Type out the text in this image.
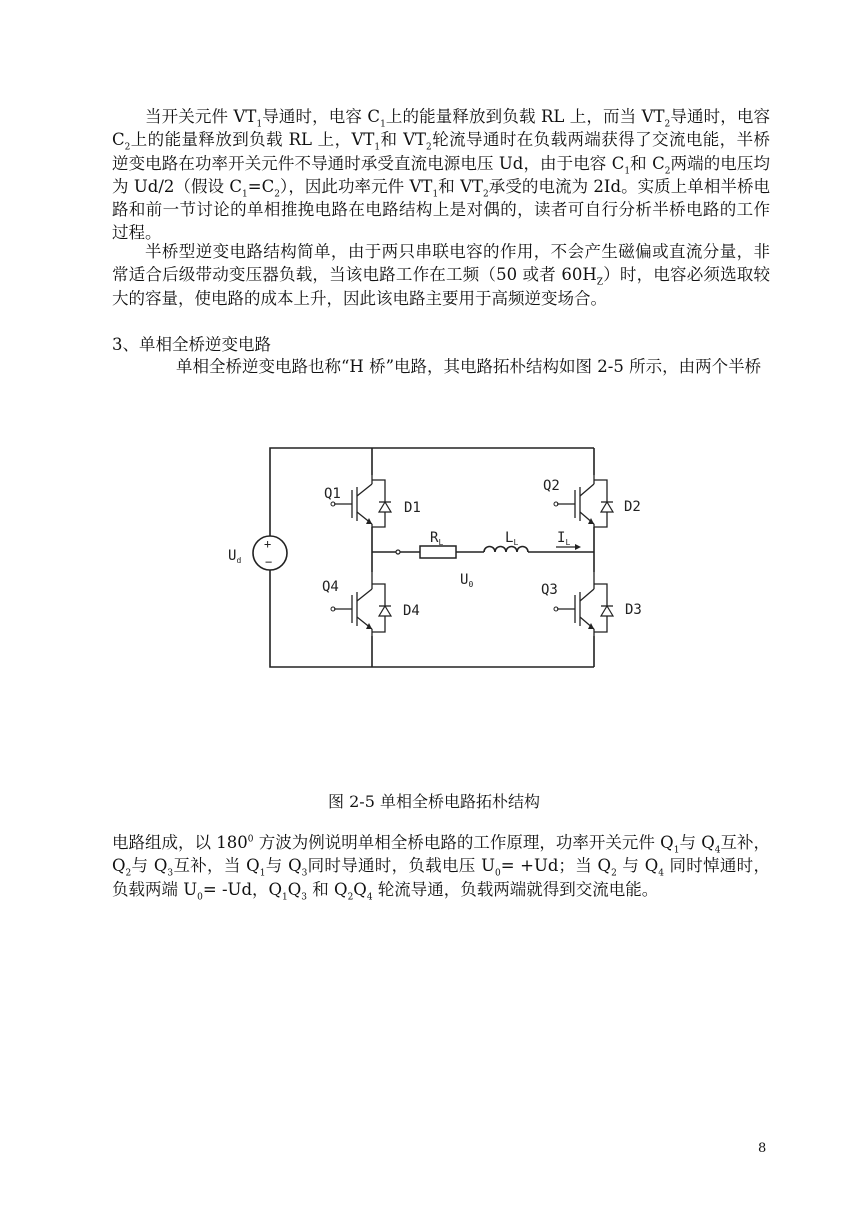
当开关元件 $VT_1$导通时，电容 $C_1$上的能量释放到负载 RL 上，而当 $VT_2$导通时，电容$C_2$上的能量释放到负载 RL 上，$VT_1$和 $VT_2$轮流导通时在负载两端获得了交流电能，半桥逆变电路在功率开关元件不导通时承受直流电源电压 Ud，由于电容 $C_1$和 $C_2$两端的电压均为 Ud/2（假设 $C_1=C_2$），因此功率元件 $VT_1$和 $VT_2$承受的电流为 2Id。实质上单相半桥电路和前一节讨论的单相推挽电路在电路结构上是对偶的，读者可自行分析半桥电路的工作过程。

半桥型逆变电路结构简单，由于两只串联电容的作用，不会产生磁偏或直流分量，非常适合后级带动变压器负载，当该电路工作在工频（50 或者 $60H_Z$）时，电容必须选取较大的容量，使电路的成本上升，因此该电路主要用于高频逆变场合。

3、单相全桥逆变电路

单相全桥逆变电路也称“H 桥”电路，其电路拓朴结构如图 2-5 所示，由两个半桥

+
−
$U_d$
Q1
D1
Q2
D2
Q4
D4
Q3
D3
$R_L$	$L_L$	$I_L$
$U_0$

图 2-5 单相全桥电路拓朴结构

电路组成，以 $180^0$ 方波为例说明单相全桥电路的工作原理，功率开关元件 $Q_1$与 $Q_4$互补，$Q_2$与 $Q_3$互补，当 $Q_1$与 $Q_3$同时导通时，负载电压 $U_0= +Ud$；当 $Q_2$ 与 $Q_4$ 同时悼通时，负载两端 $U_0= -Ud$，$Q_1Q_3$ 和 $Q_2Q_4$ 轮流导通，负载两端就得到交流电能。

8
